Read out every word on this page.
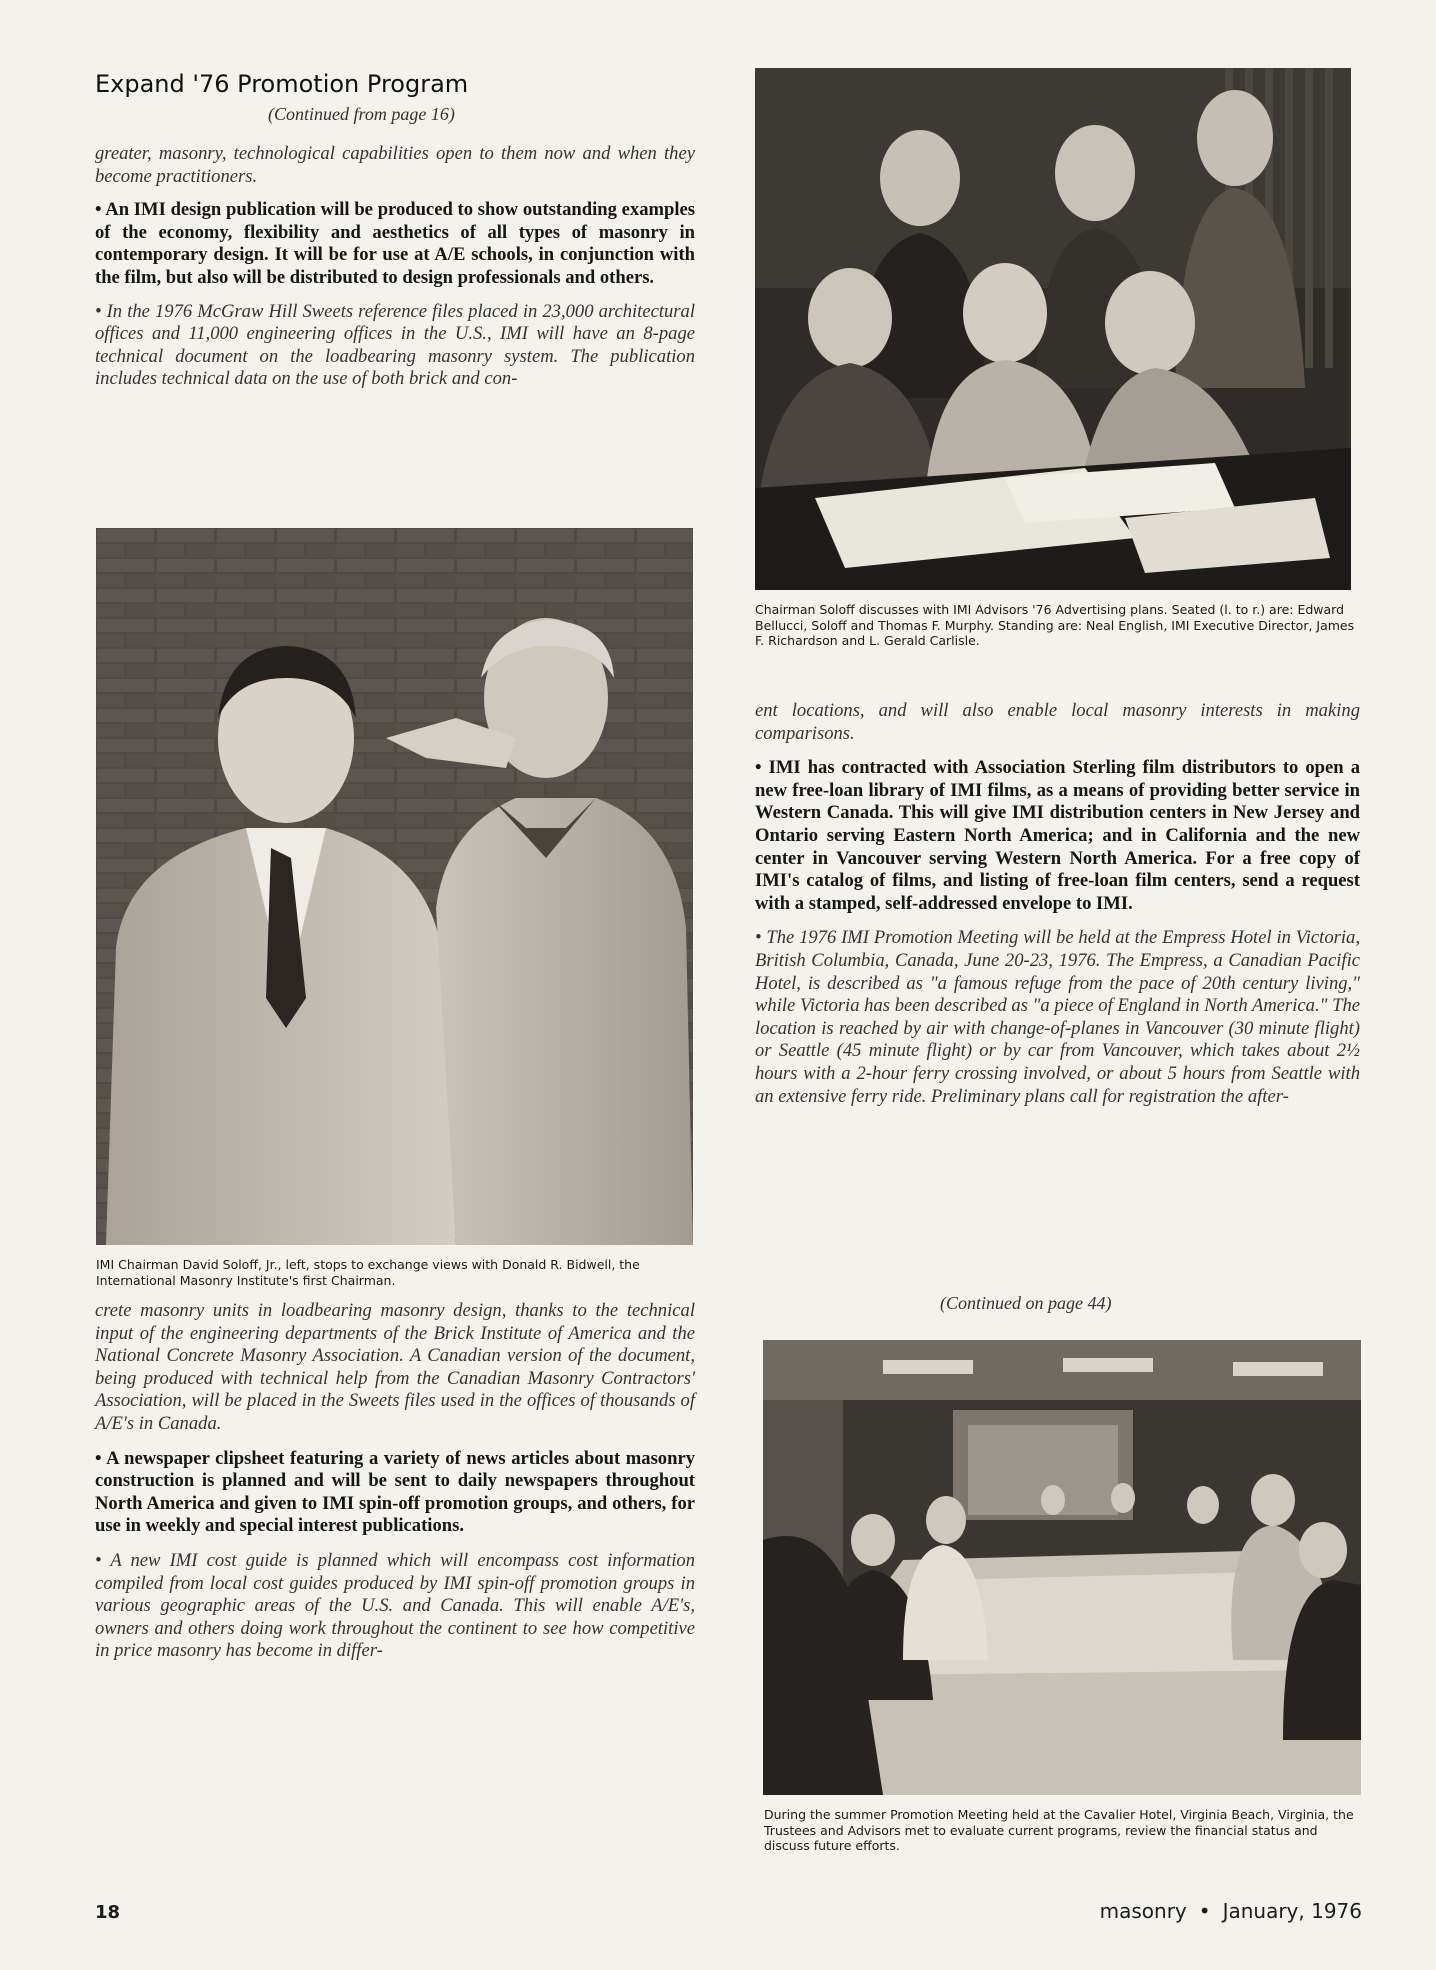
Expand '76 Promotion Program
(Continued from page 16)

greater, masonry, technological capabilities open to them now and when they become practitioners.

• An IMI design publication will be produced to show outstanding examples of the economy, flexibility and aesthetics of all types of masonry in contemporary design. It will be for use at A/E schools, in conjunction with the film, but also will be distributed to design professionals and others.

• In the 1976 McGraw Hill Sweets reference files placed in 23,000 architectural offices and 11,000 engineering offices in the U.S., IMI will have an 8-page technical document on the loadbearing masonry system. The publication includes technical data on the use of both brick and con-

IMI Chairman David Soloff, Jr., left, stops to exchange views with Donald R. Bidwell, the International Masonry Institute's first Chairman.

crete masonry units in loadbearing masonry design, thanks to the technical input of the engineering departments of the Brick Institute of America and the National Concrete Masonry Association. A Canadian version of the document, being produced with technical help from the Canadian Masonry Contractors' Association, will be placed in the Sweets files used in the offices of thousands of A/E's in Canada.

• A newspaper clipsheet featuring a variety of news articles about masonry construction is planned and will be sent to daily newspapers throughout North America and given to IMI spin-off promotion groups, and others, for use in weekly and special interest publications.

• A new IMI cost guide is planned which will encompass cost information compiled from local cost guides produced by IMI spin-off promotion groups in various geographic areas of the U.S. and Canada. This will enable A/E's, owners and others doing work throughout the continent to see how competitive in price masonry has become in differ-

Chairman Soloff discusses with IMI Advisors '76 Advertising plans. Seated (l. to r.) are: Edward Bellucci, Soloff and Thomas F. Murphy. Standing are: Neal English, IMI Executive Director, James F. Richardson and L. Gerald Carlisle.

ent locations, and will also enable local masonry interests in making comparisons.

• IMI has contracted with Association Sterling film distributors to open a new free-loan library of IMI films, as a means of providing better service in Western Canada. This will give IMI distribution centers in New Jersey and Ontario serving Eastern North America; and in California and the new center in Vancouver serving Western North America. For a free copy of IMI's catalog of films, and listing of free-loan film centers, send a request with a stamped, self-addressed envelope to IMI.

• The 1976 IMI Promotion Meeting will be held at the Empress Hotel in Victoria, British Columbia, Canada, June 20-23, 1976. The Empress, a Canadian Pacific Hotel, is described as "a famous refuge from the pace of 20th century living," while Victoria has been described as "a piece of England in North America." The location is reached by air with change-of-planes in Vancouver (30 minute flight) or Seattle (45 minute flight) or by car from Vancouver, which takes about 2½ hours with a 2-hour ferry crossing involved, or about 5 hours from Seattle with an extensive ferry ride. Preliminary plans call for registration the after-

(Continued on page 44)

During the summer Promotion Meeting held at the Cavalier Hotel, Virginia Beach, Virginia, the Trustees and Advisors met to evaluate current programs, review the financial status and discuss future efforts.

18	masonry • January, 1976
